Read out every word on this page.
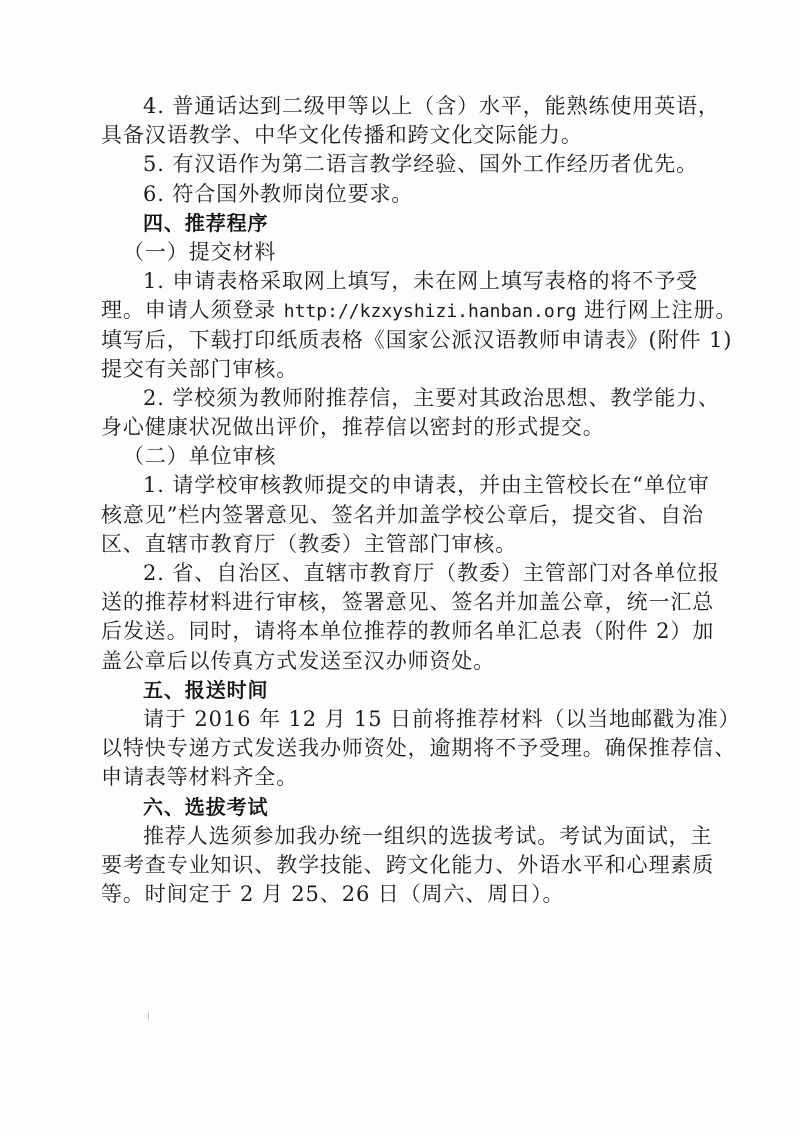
4. 普通话达到二级甲等以上（含）水平，能熟练使用英语，
具备汉语教学、中华文化传播和跨文化交际能力。
5. 有汉语作为第二语言教学经验、国外工作经历者优先。
6. 符合国外教师岗位要求。
四、推荐程序
（一）提交材料
1. 申请表格采取网上填写，未在网上填写表格的将不予受
理。申请人须登录 http://kzxyshizi.hanban.org 进行网上注册。
填写后，下载打印纸质表格《国家公派汉语教师申请表》(附件 1)
提交有关部门审核。
2. 学校须为教师附推荐信，主要对其政治思想、教学能力、
身心健康状况做出评价，推荐信以密封的形式提交。
（二）单位审核
1. 请学校审核教师提交的申请表，并由主管校长在“单位审
核意见”栏内签署意见、签名并加盖学校公章后，提交省、自治
区、直辖市教育厅（教委）主管部门审核。
2. 省、自治区、直辖市教育厅（教委）主管部门对各单位报
送的推荐材料进行审核，签署意见、签名并加盖公章，统一汇总
后发送。同时，请将本单位推荐的教师名单汇总表（附件 2）加
盖公章后以传真方式发送至汉办师资处。
五、报送时间
请于 2016 年 12 月 15 日前将推荐材料（以当地邮戳为准）
以特快专递方式发送我办师资处，逾期将不予受理。确保推荐信、
申请表等材料齐全。
六、选拔考试
推荐人选须参加我办统一组织的选拔考试。考试为面试，主
要考查专业知识、教学技能、跨文化能力、外语水平和心理素质
等。时间定于 2 月 25、26 日（周六、周日）。
